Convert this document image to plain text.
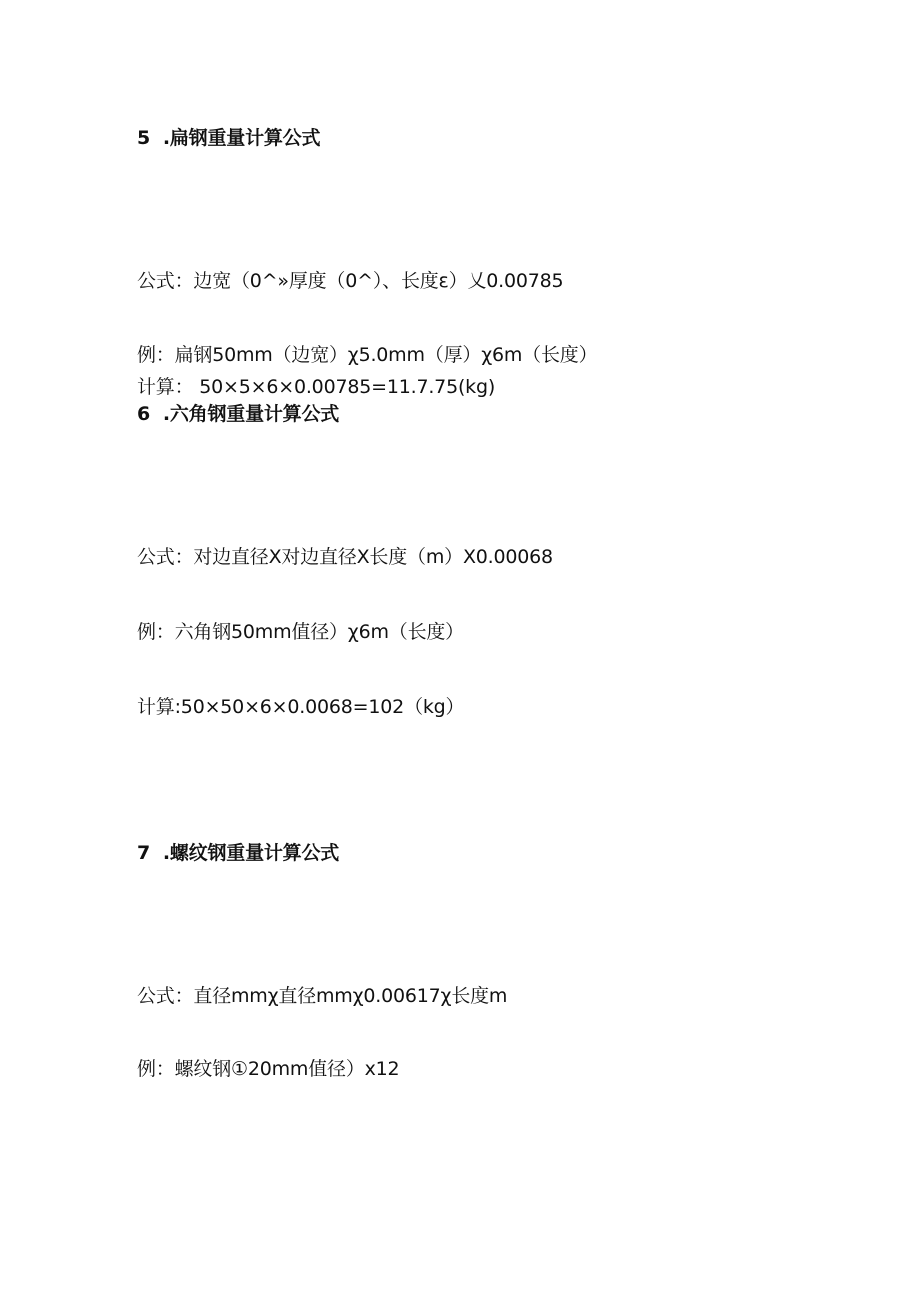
5  .扁钢重量计算公式
公式：边宽（0^»厚度（0^）、长度ε）乂0.00785
例：扁钢50mm（边宽）χ5.0mm（厚）χ6m（长度）
计算： 50×5×6×0.00785=11.7.75(kg)
6  .六角钢重量计算公式
公式：对边直径X对边直径X长度（m）X0.00068
例：六角钢50mm值径）χ6m（长度）
计算:50×50×6×0.0068=102（kg）
7  .螺纹钢重量计算公式
公式：直径mmχ直径mmχ0.00617χ长度m
例：螺纹钢①20mm值径）x12
